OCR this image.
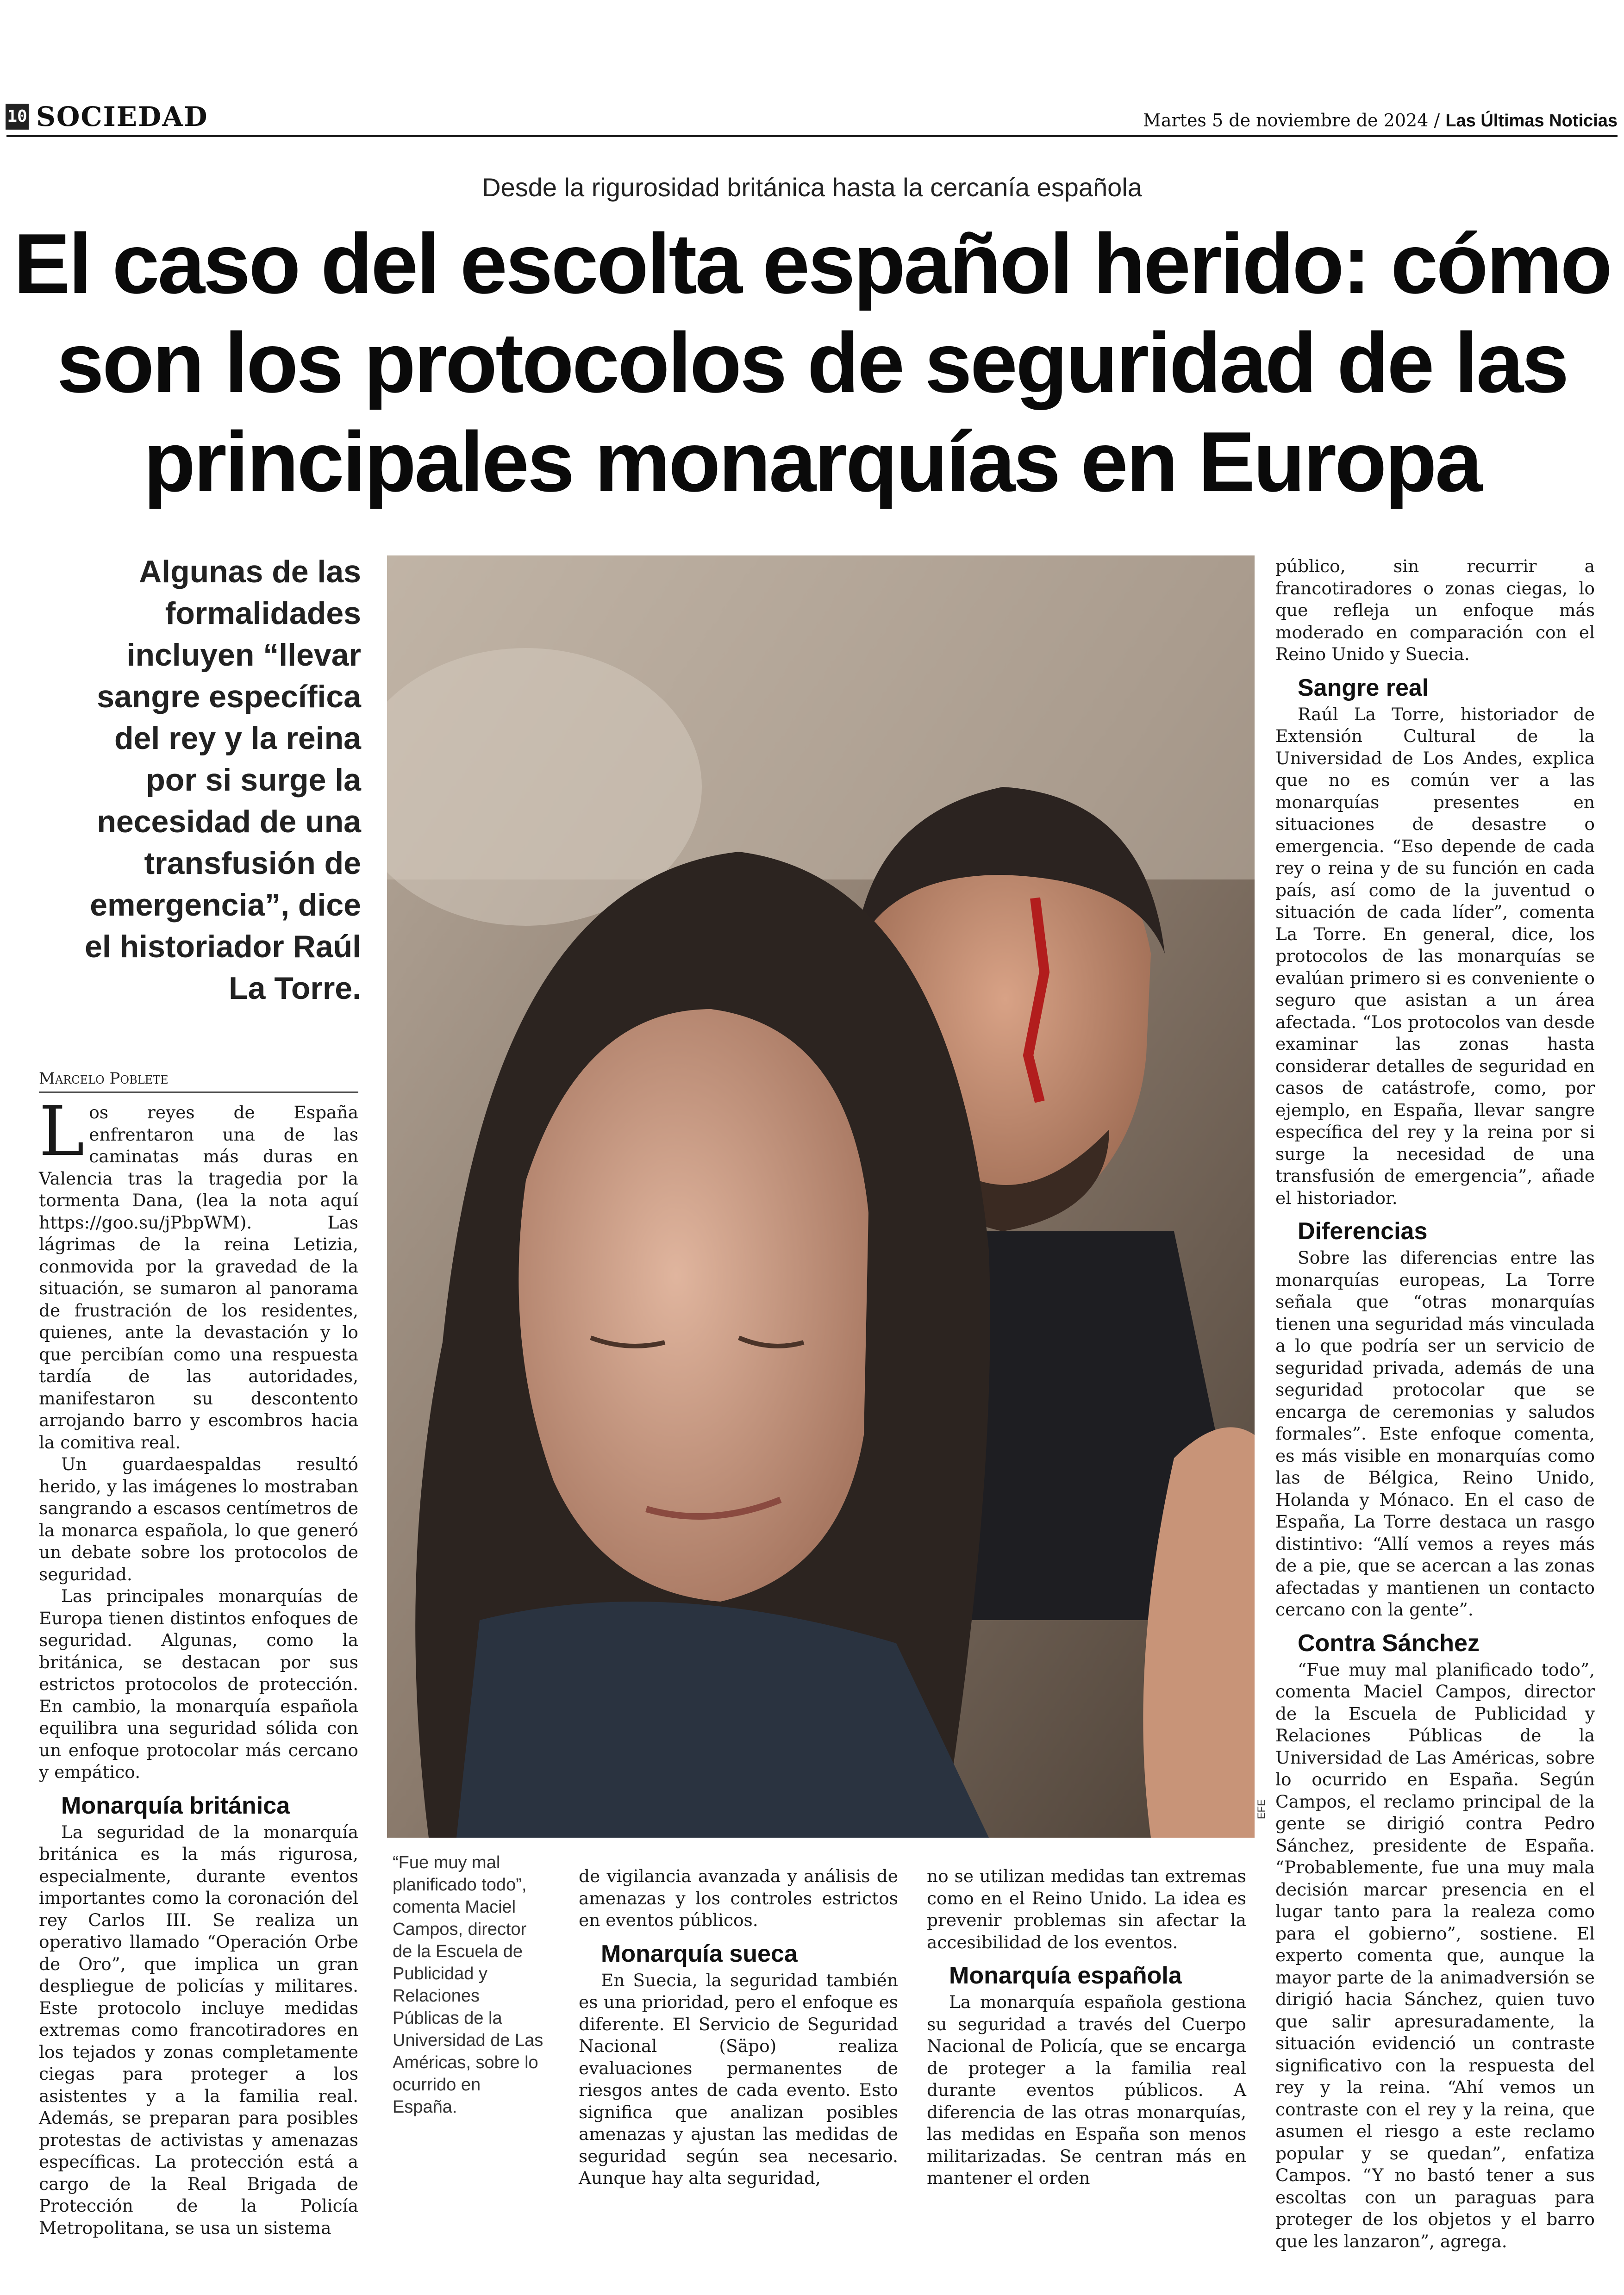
10 SOCIEDAD	Martes 5 de noviembre de 2024 / Las Últimas Noticias
Desde la rigurosidad británica hasta la cercanía española
El caso del escolta español herido: cómo
son los protocolos de seguridad de las
principales monarquías en Europa
Algunas de las formalidades incluyen “llevar sangre específica del rey y la reina por si surge la necesidad de una transfusión de emergencia”, dice el historiador Raúl La Torre.
Marcelo Poblete

Los reyes de España enfrentaron una de las caminatas más duras en Valencia tras la tragedia por la tormenta Dana, (lea la nota aquí https://goo.su/jPbpWM). Las lágrimas de la reina Letizia, conmovida por la gravedad de la situación, se sumaron al panorama de frustración de los residentes, quienes, ante la devastación y lo que percibían como una respuesta tardía de las autoridades, manifestaron su descontento arrojando barro y escombros hacia la comitiva real.

Un guardaespaldas resultó herido, y las imágenes lo mostraban sangrando a escasos centímetros de la monarca española, lo que generó un debate sobre los protocolos de seguridad.

Las principales monarquías de Europa tienen distintos enfoques de seguridad. Algunas, como la británica, se destacan por sus estrictos protocolos de protección. En cambio, la monarquía española equilibra una seguridad sólida con un enfoque protocolar más cercano y empático.

Monarquía británica

La seguridad de la monarquía británica es la más rigurosa, especialmente, durante eventos importantes como la coronación del rey Carlos III. Se realiza un operativo llamado “Operación Orbe de Oro”, que implica un gran despliegue de policías y militares. Este protocolo incluye medidas extremas como francotiradores en los tejados y zonas completamente ciegas para proteger a los asistentes y a la familia real. Además, se preparan para posibles protestas de activistas y amenazas específicas. La protección está a cargo de la Real Brigada de Protección de la Policía Metropolitana, se usa un sistema

EFE
“Fue muy mal planificado todo”, comenta Maciel Campos, director de la Escuela de Publicidad y Relaciones Públicas de la Universidad de Las Américas, sobre lo ocurrido en España.

de vigilancia avanzada y análisis de amenazas y los controles estrictos en eventos públicos.

Monarquía sueca

En Suecia, la seguridad también es una prioridad, pero el enfoque es diferente. El Servicio de Seguridad Nacional (Säpo) realiza evaluaciones permanentes de riesgos antes de cada evento. Esto significa que analizan posibles amenazas y ajustan las medidas de seguridad según sea necesario. Aunque hay alta seguridad,

no se utilizan medidas tan extremas como en el Reino Unido. La idea es prevenir problemas sin afectar la accesibilidad de los eventos.

Monarquía española

La monarquía española gestiona su seguridad a través del Cuerpo Nacional de Policía, que se encarga de proteger a la familia real durante eventos públicos. A diferencia de las otras monarquías, las medidas en España son menos militarizadas. Se centran más en mantener el orden

público, sin recurrir a francotiradores o zonas ciegas, lo que refleja un enfoque más moderado en comparación con el Reino Unido y Suecia.

Sangre real

Raúl La Torre, historiador de Extensión Cultural de la Universidad de Los Andes, explica que no es común ver a las monarquías presentes en situaciones de desastre o emergencia. “Eso depende de cada rey o reina y de su función en cada país, así como de la juventud o situación de cada líder”, comenta La Torre. En general, dice, los protocolos de las monarquías se evalúan primero si es conveniente o seguro que asistan a un área afectada. “Los protocolos van desde examinar las zonas hasta considerar detalles de seguridad en casos de catástrofe, como, por ejemplo, en España, llevar sangre específica del rey y la reina por si surge la necesidad de una transfusión de emergencia”, añade el historiador.

Diferencias

Sobre las diferencias entre las monarquías europeas, La Torre señala que “otras monarquías tienen una seguridad más vinculada a lo que podría ser un servicio de seguridad privada, además de una seguridad protocolar que se encarga de ceremonias y saludos formales”. Este enfoque comenta, es más visible en monarquías como las de Bélgica, Reino Unido, Holanda y Mónaco. En el caso de España, La Torre destaca un rasgo distintivo: “Allí vemos a reyes más de a pie, que se acercan a las zonas afectadas y mantienen un contacto cercano con la gente”.

Contra Sánchez

“Fue muy mal planificado todo”, comenta Maciel Campos, director de la Escuela de Publicidad y Relaciones Públicas de la Universidad de Las Américas, sobre lo ocurrido en España. Según Campos, el reclamo principal de la gente se dirigió contra Pedro Sánchez, presidente de España. “Probablemente, fue una muy mala decisión marcar presencia en el lugar tanto para la realeza como para el gobierno”, sostiene. El experto comenta que, aunque la mayor parte de la animadversión se dirigió hacia Sánchez, quien tuvo que salir apresuradamente, la situación evidenció un contraste significativo con la respuesta del rey y la reina. “Ahí vemos un contraste con el rey y la reina, que asumen el riesgo a este reclamo popular y se quedan”, enfatiza Campos. “Y no bastó tener a sus escoltas con un paraguas para proteger de los objetos y el barro que les lanzaron”, agrega.
